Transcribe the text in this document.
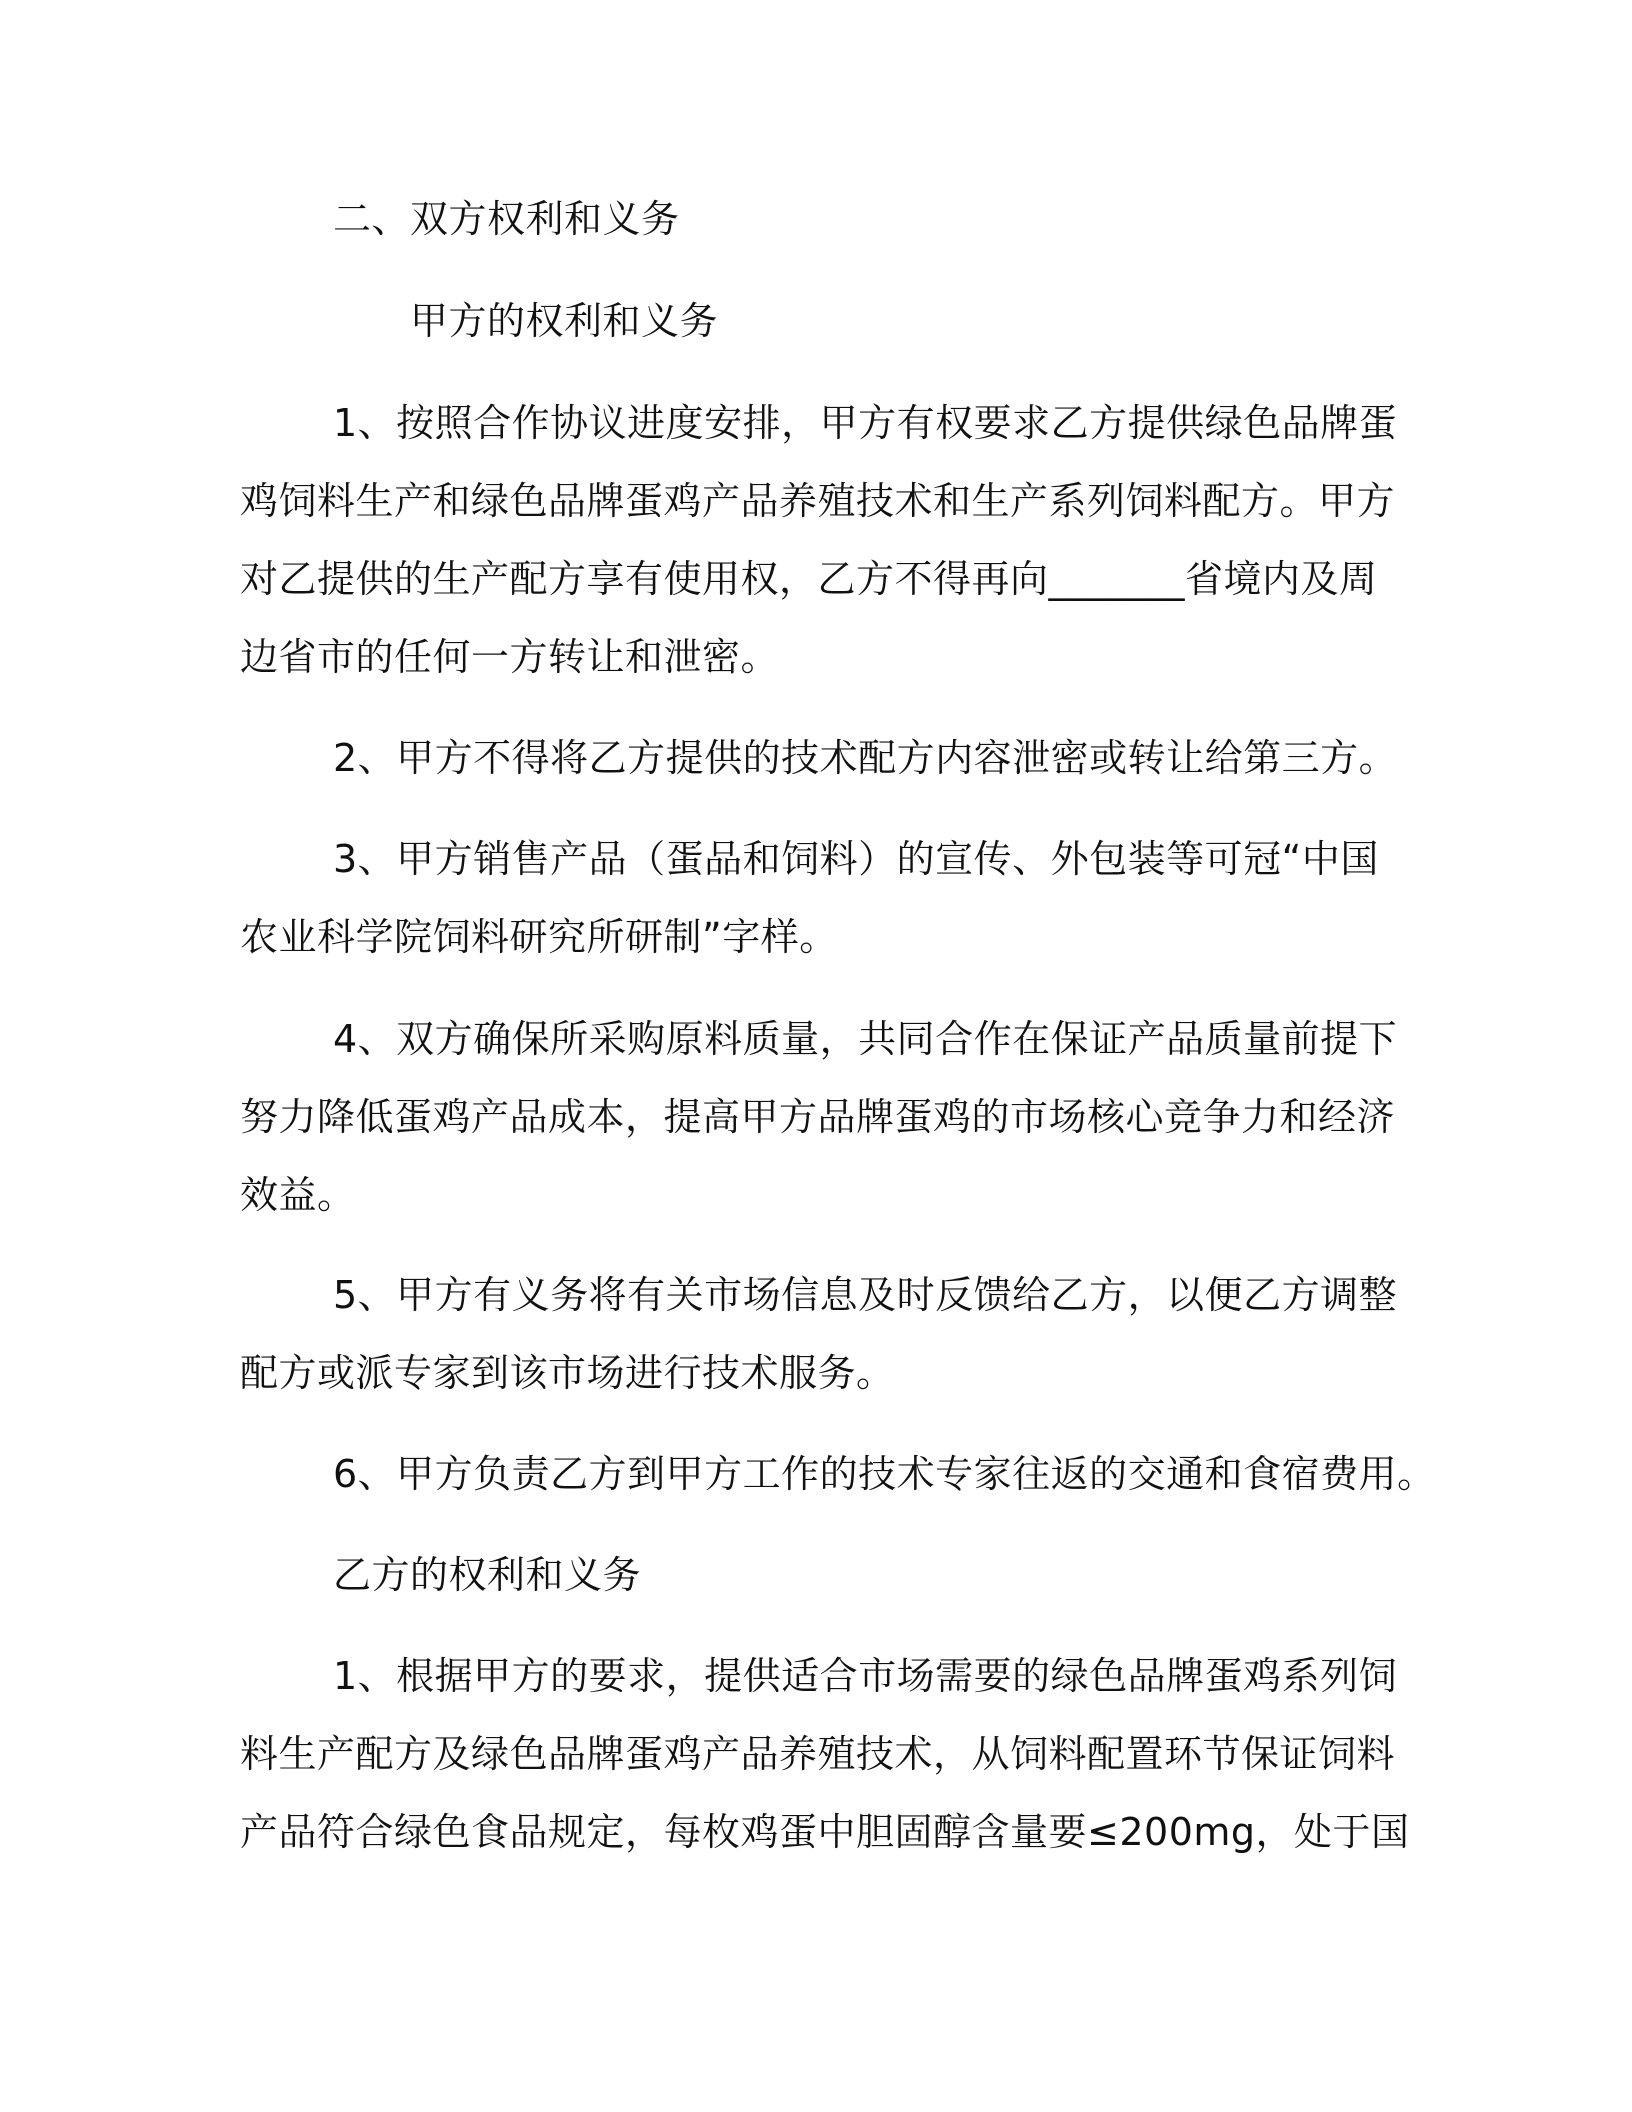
二、双方权利和义务
甲方的权利和义务
1、按照合作协议进度安排，甲方有权要求乙方提供绿色品牌蛋
鸡饲料生产和绿色品牌蛋鸡产品养殖技术和生产系列饲料配方。甲方
对乙提供的生产配方享有使用权，乙方不得再向_______省境内及周
边省市的任何一方转让和泄密。
2、甲方不得将乙方提供的技术配方内容泄密或转让给第三方。
3、甲方销售产品（蛋品和饲料）的宣传、外包装等可冠“中国
农业科学院饲料研究所研制”字样。
4、双方确保所采购原料质量，共同合作在保证产品质量前提下
努力降低蛋鸡产品成本，提高甲方品牌蛋鸡的市场核心竞争力和经济
效益。
5、甲方有义务将有关市场信息及时反馈给乙方，以便乙方调整
配方或派专家到该市场进行技术服务。
6、甲方负责乙方到甲方工作的技术专家往返的交通和食宿费用。
乙方的权利和义务
1、根据甲方的要求，提供适合市场需要的绿色品牌蛋鸡系列饲
料生产配方及绿色品牌蛋鸡产品养殖技术，从饲料配置环节保证饲料
产品符合绿色食品规定，每枚鸡蛋中胆固醇含量要≤200mg，处于国
